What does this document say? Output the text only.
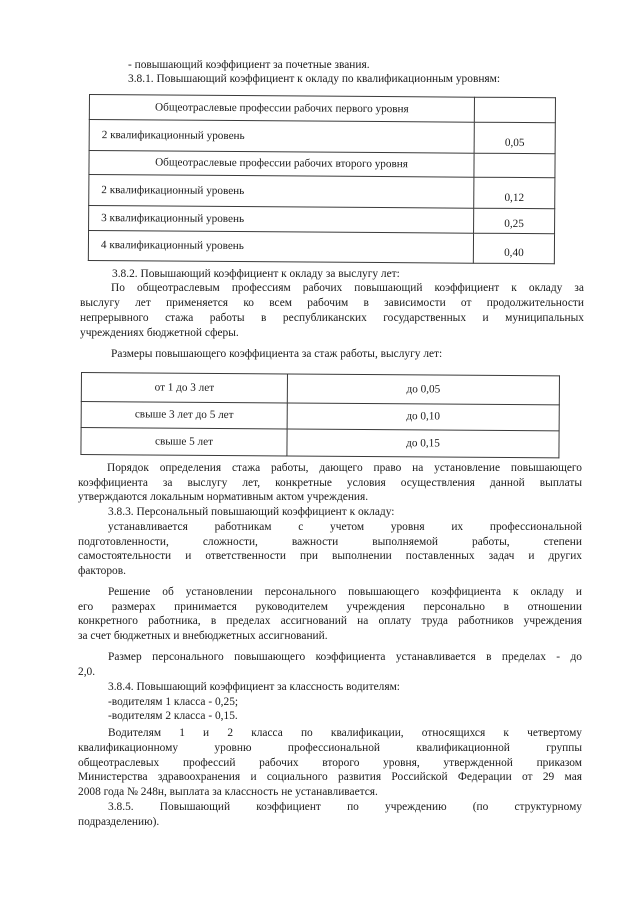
- повышающий коэффициент за почетные звания.
3.8.1. Повышающий коэффициент к окладу по квалификационным уровням:
Общеотраслевые профессии рабочих первого уровня	
2 квалификационный уровень	0,05
Общеотраслевые профессии рабочих второго уровня	
2 квалификационный уровень	0,12
3 квалификационный уровень	0,25
4 квалификационный уровень	0,40
3.8.2. Повышающий коэффициент к окладу за выслугу лет:
По общеотраслевым профессиям рабочих повышающий коэффициент к окладу за
выслугу лет применяется ко всем рабочим в зависимости от продолжительности
непрерывного стажа работы в республиканских государственных и муниципальных
учреждениях бюджетной сферы.
Размеры повышающего коэффициента за стаж работы, выслугу лет:
от 1 до 3 лет	до 0,05
свыше 3 лет до 5 лет	до 0,10
свыше 5 лет	до 0,15
Порядок определения стажа работы, дающего право на установление повышающего
коэффициента за выслугу лет, конкретные условия осуществления данной выплаты
утверждаются локальным нормативным актом учреждения.
3.8.3. Персональный повышающий коэффициент к окладу:
устанавливается работникам с учетом уровня их профессиональной
подготовленности, сложности, важности выполняемой работы, степени
самостоятельности и ответственности при выполнении поставленных задач и других
факторов.
Решение об установлении персонального повышающего коэффициента к окладу и
его размерах принимается руководителем учреждения персонально в отношении
конкретного работника, в пределах ассигнований на оплату труда работников учреждения
за счет бюджетных и внебюджетных ассигнований.
Размер персонального повышающего коэффициента устанавливается в пределах - до
2,0.
3.8.4. Повышающий коэффициент за классность водителям:
-водителям 1 класса - 0,25;
-водителям 2 класса - 0,15.
Водителям 1 и 2 класса по квалификации, относящихся к четвертому
квалификационному уровню профессиональной квалификационной группы
общеотраслевых профессий рабочих второго уровня, утвержденной приказом
Министерства здравоохранения и социального развития Российской Федерации от 29 мая
2008 года № 248н, выплата за классность не устанавливается.
3.8.5. Повышающий коэффициент по учреждению (по структурному
подразделению).
